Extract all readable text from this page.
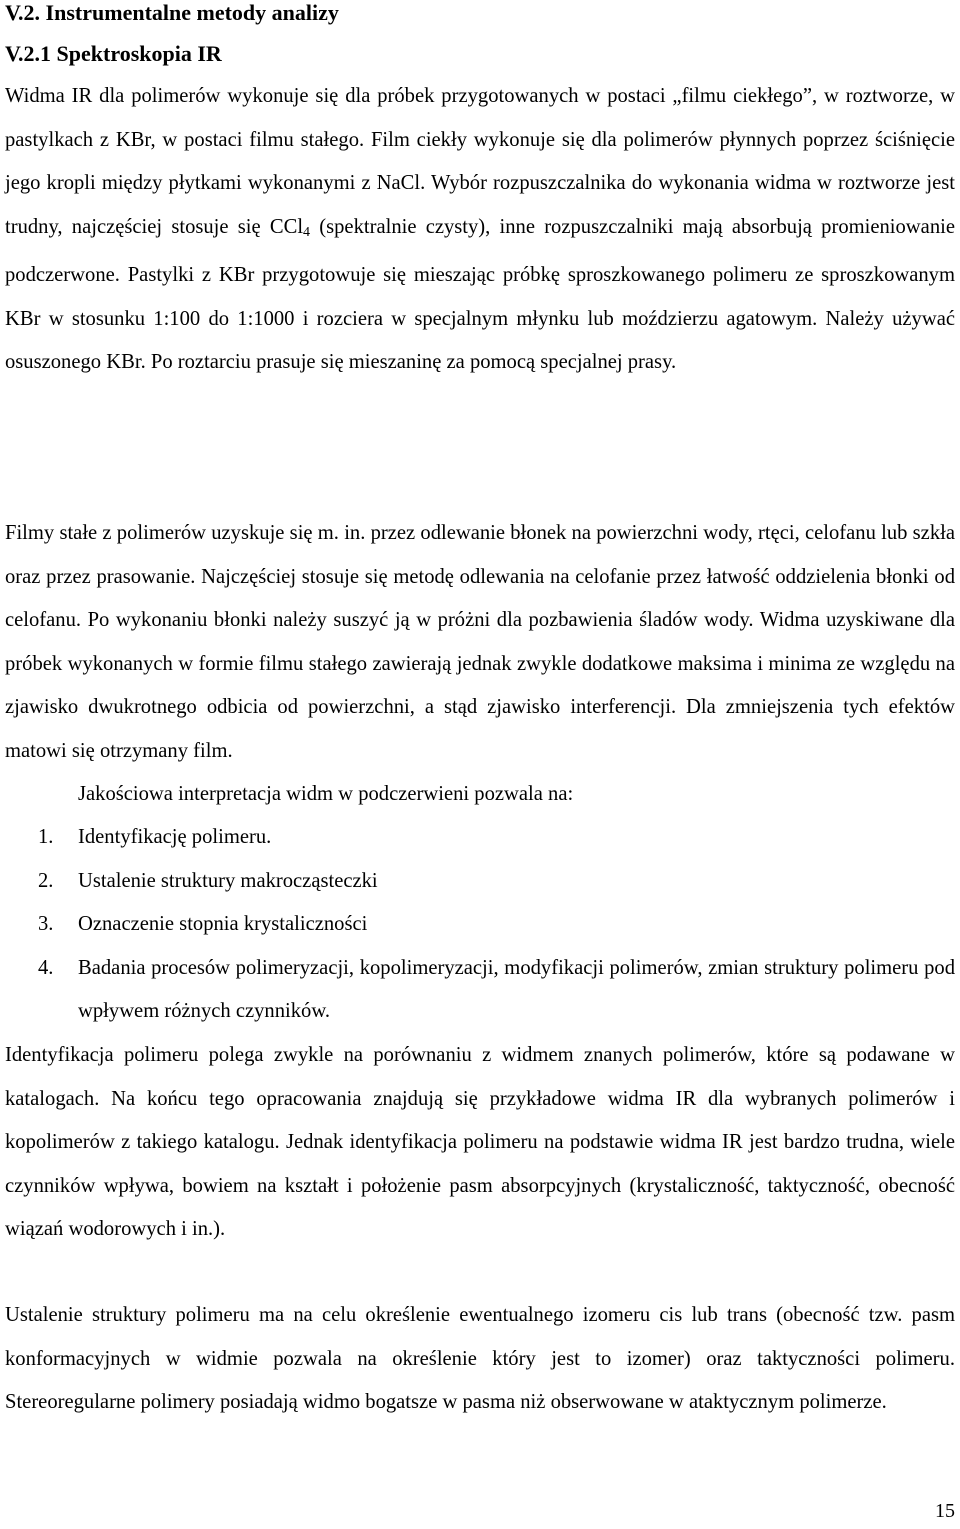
V.2. Instrumentalne metody analizy
V.2.1 Spektroskopia IR

Widma IR dla polimerów wykonuje się dla próbek przygotowanych w postaci „filmu ciekłego”, w roztworze, w pastylkach z KBr, w postaci filmu stałego. Film ciekły wykonuje się dla polimerów płynnych poprzez ściśnięcie jego kropli między płytkami wykonanymi z NaCl. Wybór rozpuszczalnika do wykonania widma w roztworze jest trudny, najczęściej stosuje się CCl$_4$ (spektralnie czysty), inne rozpuszczalniki mają absorbują promieniowanie podczerwone. Pastylki z KBr przygotowuje się mieszając próbkę sproszkowanego polimeru ze sproszkowanym KBr w stosunku 1:100 do 1:1000 i rozciera w specjalnym młynku lub moździerzu agatowym. Należy używać osuszonego KBr. Po roztarciu prasuje się mieszaninę za pomocą specjalnej prasy.

Filmy stałe z polimerów uzyskuje się m. in. przez odlewanie błonek na powierzchni wody, rtęci, celofanu lub szkła oraz przez prasowanie. Najczęściej stosuje się metodę odlewania na celofanie przez łatwość oddzielenia błonki od celofanu. Po wykonaniu błonki należy suszyć ją w próżni dla pozbawienia śladów wody. Widma uzyskiwane dla próbek wykonanych w formie filmu stałego zawierają jednak zwykle dodatkowe maksima i minima ze względu na zjawisko dwukrotnego odbicia od powierzchni, a stąd zjawisko interferencji. Dla zmniejszenia tych efektów matowi się otrzymany film.

Jakościowa interpretacja widm w podczerwieni pozwala na:

1. Identyfikację polimeru.
2. Ustalenie struktury makrocząsteczki
3. Oznaczenie stopnia krystaliczności
4. Badania procesów polimeryzacji, kopolimeryzacji, modyfikacji polimerów, zmian struktury polimeru pod wpływem różnych czynników.

Identyfikacja polimeru polega zwykle na porównaniu z widmem znanych polimerów, które są podawane w katalogach. Na końcu tego opracowania znajdują się przykładowe widma IR dla wybranych polimerów i kopolimerów z takiego katalogu. Jednak identyfikacja polimeru na podstawie widma IR jest bardzo trudna, wiele czynników wpływa, bowiem na kształt i położenie pasm absorpcyjnych (krystaliczność, taktyczność, obecność wiązań wodorowych i in.).

Ustalenie struktury polimeru ma na celu określenie ewentualnego izomeru cis lub trans (obecność tzw. pasm konformacyjnych w widmie pozwala na określenie który jest to izomer) oraz taktyczności polimeru. Stereoregularne polimery posiadają widmo bogatsze w pasma niż obserwowane w ataktycznym polimerze.

15
